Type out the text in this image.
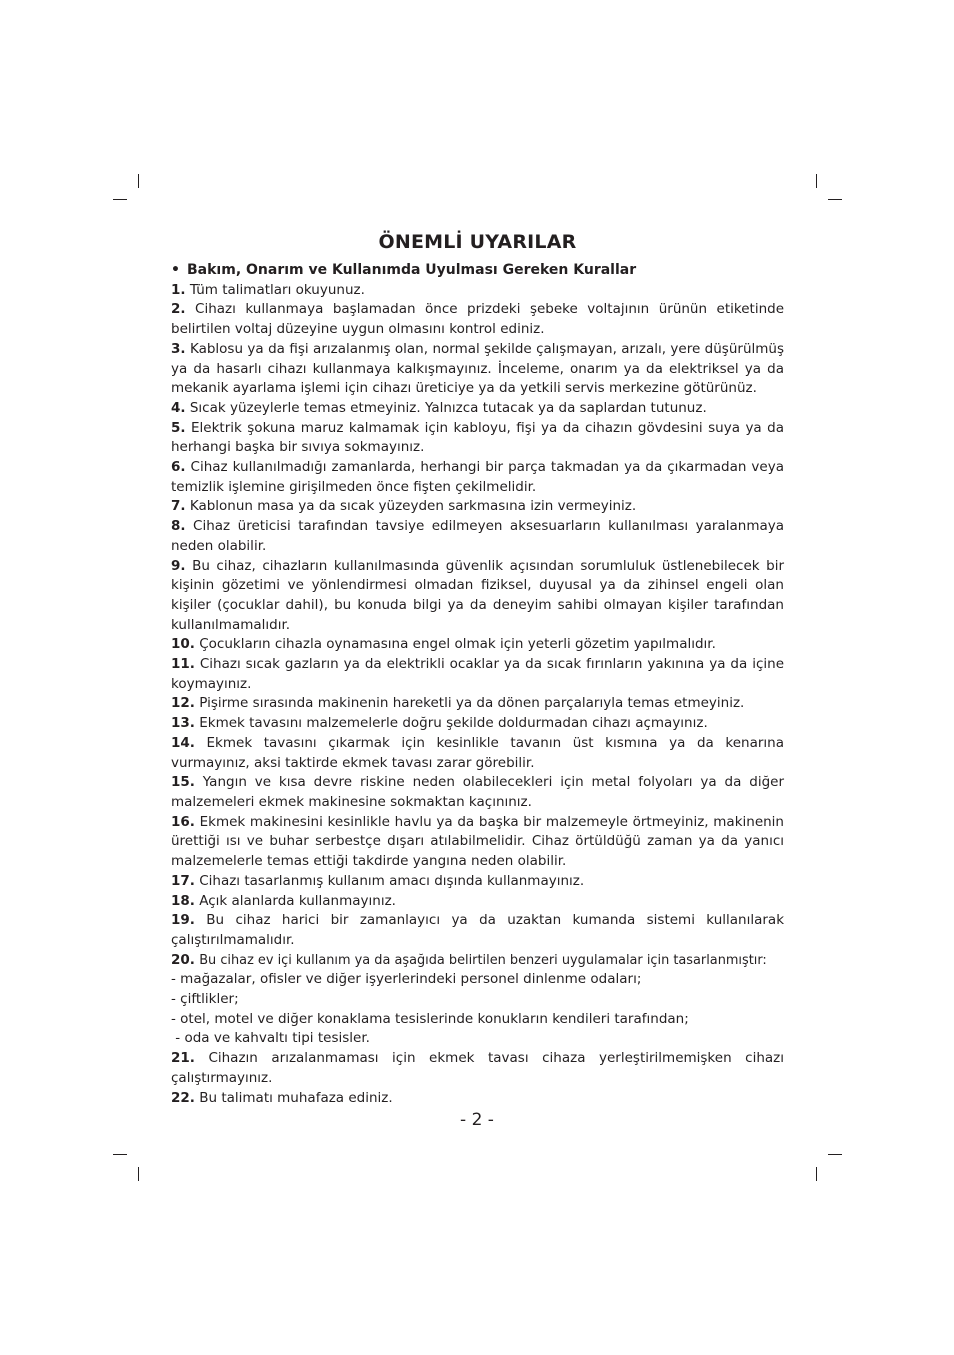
ÖNEMLİ UYARILAR

• Bakım, Onarım ve Kullanımda Uyulması Gereken Kurallar

1. Tüm talimatları okuyunuz.

2. Cihazı kullanmaya başlamadan önce prizdeki şebeke voltajının ürünün etiketinde belirtilen voltaj düzeyine uygun olmasını kontrol ediniz.

3. Kablosu ya da fişi arızalanmış olan, normal şekilde çalışmayan, arızalı, yere düşürülmüş ya da hasarlı cihazı kullanmaya kalkışmayınız. İnceleme, onarım ya da elektriksel ya da mekanik ayarlama işlemi için cihazı üreticiye ya da yetkili servis merkezine götürünüz.

4. Sıcak yüzeylerle temas etmeyiniz. Yalnızca tutacak ya da saplardan tutunuz.

5. Elektrik şokuna maruz kalmamak için kabloyu, fişi ya da cihazın gövdesini suya ya da herhangi başka bir sıvıya sokmayınız.

6. Cihaz kullanılmadığı zamanlarda, herhangi bir parça takmadan ya da çıkarmadan veya temizlik işlemine girişilmeden önce fişten çekilmelidir.

7. Kablonun masa ya da sıcak yüzeyden sarkmasına izin vermeyiniz.

8. Cihaz üreticisi tarafından tavsiye edilmeyen aksesuarların kullanılması yaralanmaya neden olabilir.

9. Bu cihaz, cihazların kullanılmasında güvenlik açısından sorumluluk üstlenebilecek bir kişinin gözetimi ve yönlendirmesi olmadan fiziksel, duyusal ya da zihinsel engeli olan kişiler (çocuklar dahil), bu konuda bilgi ya da deneyim sahibi olmayan kişiler tarafından kullanılmamalıdır.

10. Çocukların cihazla oynamasına engel olmak için yeterli gözetim yapılmalıdır.

11. Cihazı sıcak gazların ya da elektrikli ocaklar ya da sıcak fırınların yakınına ya da içine koymayınız.

12. Pişirme sırasında makinenin hareketli ya da dönen parçalarıyla temas etmeyiniz.

13. Ekmek tavasını malzemelerle doğru şekilde doldurmadan cihazı açmayınız.

14. Ekmek tavasını çıkarmak için kesinlikle tavanın üst kısmına ya da kenarına vurmayınız, aksi taktirde ekmek tavası zarar görebilir.

15. Yangın ve kısa devre riskine neden olabilecekleri için metal folyoları ya da diğer malzemeleri ekmek makinesine sokmaktan kaçınınız.

16. Ekmek makinesini kesinlikle havlu ya da başka bir malzemeyle örtmeyiniz, makinenin ürettiği ısı ve buhar serbestçe dışarı atılabilmelidir. Cihaz örtüldüğü zaman ya da yanıcı malzemelerle temas ettiği takdirde yangına neden olabilir.

17. Cihazı tasarlanmış kullanım amacı dışında kullanmayınız.

18. Açık alanlarda kullanmayınız.

19. Bu cihaz harici bir zamanlayıcı ya da uzaktan kumanda sistemi kullanılarak çalıştırılmamalıdır.

20. Bu cihaz ev içi kullanım ya da aşağıda belirtilen benzeri uygulamalar için tasarlanmıştır:

- mağazalar, ofisler ve diğer işyerlerindeki personel dinlenme odaları;

- çiftlikler;

- otel, motel ve diğer konaklama tesislerinde konukların kendileri tarafından;

- oda ve kahvaltı tipi tesisler.

21. Cihazın arızalanmaması için ekmek tavası cihaza yerleştirilmemişken cihazı çalıştırmayınız.

22. Bu talimatı muhafaza ediniz.

- 2 -
